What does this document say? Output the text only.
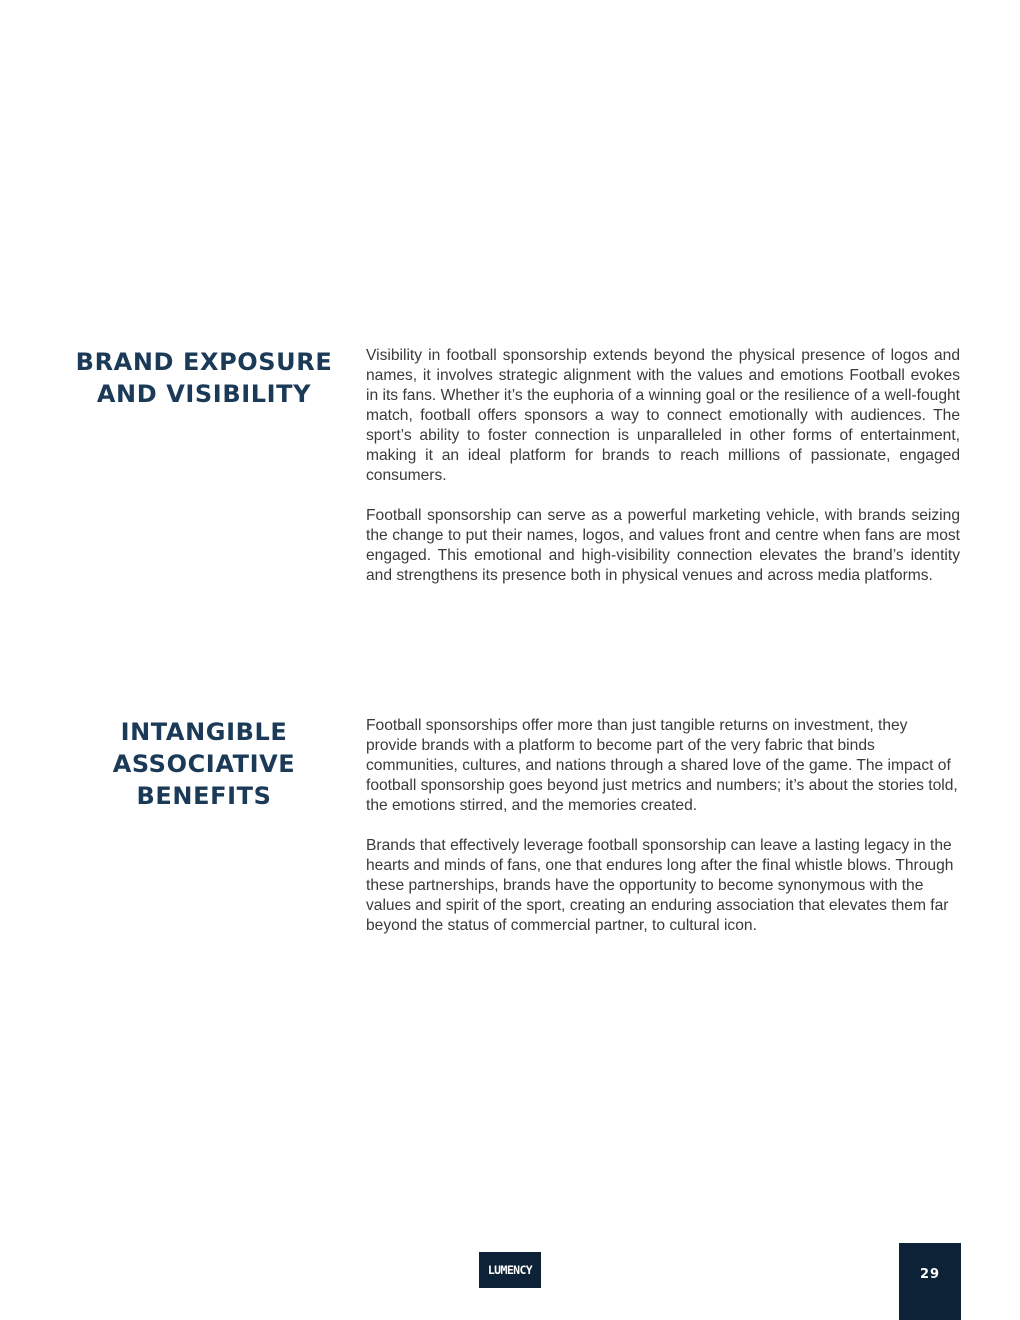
BRAND EXPOSURE
AND VISIBILITY

Visibility in football sponsorship extends beyond the physical presence of logos and names, it involves strategic alignment with the values and emotions Football evokes in its fans. Whether it’s the euphoria of a winning goal or the resilience of a well-fought match, football offers sponsors a way to connect emotionally with audiences. The sport’s ability to foster connection is unparalleled in other forms of entertainment, making it an ideal platform for brands to reach millions of passionate, engaged consumers.

Football sponsorship can serve as a powerful marketing vehicle, with brands seizing the change to put their names, logos, and values front and centre when fans are most engaged. This emotional and high-visibility connection elevates the brand’s identity and strengthens its presence both in physical venues and across media platforms.

INTANGIBLE
ASSOCIATIVE
BENEFITS

Football sponsorships offer more than just tangible returns on investment, they provide brands with a platform to become part of the very fabric that binds communities, cultures, and nations through a shared love of the game. The impact of football sponsorship goes beyond just metrics and numbers; it’s about the stories told, the emotions stirred, and the memories created.

Brands that effectively leverage football sponsorship can leave a lasting legacy in the hearts and minds of fans, one that endures long after the final whistle blows. Through these partnerships, brands have the opportunity to become synonymous with the values and spirit of the sport, creating an enduring association that elevates them far beyond the status of commercial partner, to cultural icon.

LUMENCY	29
